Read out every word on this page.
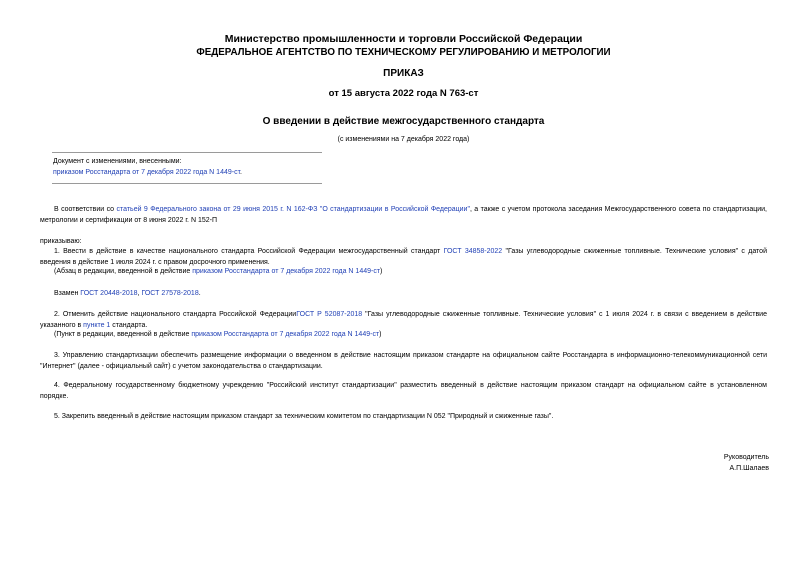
Министерство промышленности и торговли Российской Федерации
ФЕДЕРАЛЬНОЕ АГЕНТСТВО ПО ТЕХНИЧЕСКОМУ РЕГУЛИРОВАНИЮ И МЕТРОЛОГИИ
ПРИКАЗ
от 15 августа 2022 года N 763-ст
О введении в действие межгосударственного стандарта
(с изменениями на 7 декабря 2022 года)
Документ с изменениями, внесенными:
приказом Росстандарта от 7 декабря 2022 года N 1449-ст.
В соответствии со статьей 9 Федерального закона от 29 июня 2015 г. N 162-ФЗ "О стандартизации в Российской Федерации", а также с учетом протокола заседания Межгосударственного совета по стандартизации, метрологии и сертификации от 8 июня 2022 г. N 152-П
приказываю:
1. Ввести в действие в качестве национального стандарта Российской Федерации межгосударственный стандарт ГОСТ 34858-2022 "Газы углеводородные сжиженные топливные. Технические условия" с датой введения в действие 1 июля 2024 г. с правом досрочного применения.
(Абзац в редакции, введенной в действие приказом Росстандарта от 7 декабря 2022 года N 1449-ст)
Взамен ГОСТ 20448-2018, ГОСТ 27578-2018.
2. Отменить действие национального стандарта Российской ФедерацииГОСТ Р 52087-2018 "Газы углеводородные сжиженные топливные. Технические условия" с 1 июля 2024 г. в связи с введением в действие указанного в пункте 1 стандарта.
(Пункт в редакции, введенной в действие приказом Росстандарта от 7 декабря 2022 года N 1449-ст)
3. Управлению стандартизации обеспечить размещение информации о введенном в действие настоящим приказом стандарте на официальном сайте Росстандарта в информационно-телекоммуникационной сети "Интернет" (далее - официальный сайт) с учетом законодательства о стандартизации.
4. Федеральному государственному бюджетному учреждению "Российский институт стандартизации" разместить введенный в действие настоящим приказом стандарт на официальном сайте в установленном порядке.
5. Закрепить введенный в действие настоящим приказом стандарт за техническим комитетом по стандартизации N 052 "Природный и сжиженные газы".
Руководитель
А.П.Шалаев
